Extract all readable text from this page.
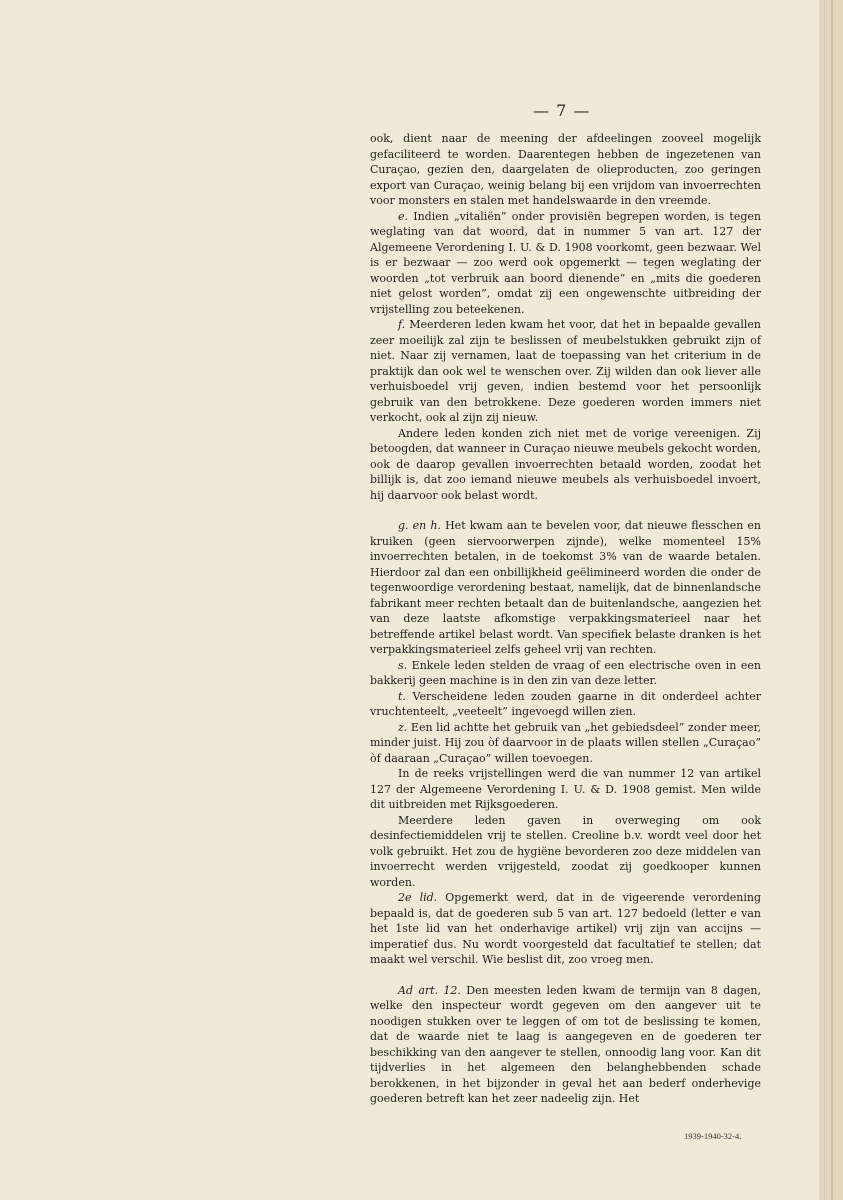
— 7 —

ook, dient naar de meening der afdeelingen zooveel mogelijk gefaciliteerd te worden. Daarentegen hebben de ingezetenen van Curaçao, gezien den, daargelaten de olieproducten, zoo geringen export van Curaçao, weinig belang bij een vrijdom van invoerrechten voor monsters en stalen met handelswaarde in den vreemde.

e. Indien „vitaliën” onder provisiën begrepen worden, is tegen weglating van dat woord, dat in nummer 5 van art. 127 der Algemeene Verordening I. U. & D. 1908 voorkomt, geen bezwaar. Wel is er bezwaar — zoo werd ook opgemerkt — tegen weglating der woorden „tot verbruik aan boord dienende” en „mits die goederen niet gelost worden”, omdat zij een ongewenschte uitbreiding der vrijstelling zou beteekenen.

f. Meerderen leden kwam het voor, dat het in bepaalde gevallen zeer moeilijk zal zijn te beslissen of meubelstukken gebruikt zijn of niet. Naar zij vernamen, laat de toepassing van het criterium in de praktijk dan ook wel te wenschen over. Zij wilden dan ook liever alle verhuisboedel vrij geven, indien bestemd voor het persoonlijk gebruik van den betrokkene. Deze goederen worden immers niet verkocht, ook al zijn zij nieuw.

Andere leden konden zich niet met de vorige vereenigen. Zij betoogden, dat wanneer in Curaçao nieuwe meubels gekocht worden, ook de daarop gevallen invoerrechten betaald worden, zoodat het billijk is, dat zoo iemand nieuwe meubels als verhuisboedel invoert, hij daarvoor ook belast wordt.

g. en h. Het kwam aan te bevelen voor, dat nieuwe flesschen en kruiken (geen siervoorwerpen zijnde), welke momenteel 15% invoerrechten betalen, in de toekomst 3% van de waarde betalen. Hierdoor zal dan een onbillijkheid geëlimineerd worden die onder de tegenwoordige verordening bestaat, namelijk, dat de binnenlandsche fabrikant meer rechten betaalt dan de buitenlandsche, aangezien het van deze laatste afkomstige verpakkingsmaterieel naar het betreffende artikel belast wordt. Van specifiek belaste dranken is het verpakkingsmaterieel zelfs geheel vrij van rechten.

s. Enkele leden stelden de vraag of een electrische oven in een bakkerij geen machine is in den zin van deze letter.

t. Verscheidene leden zouden gaarne in dit onderdeel achter vruchtenteelt, „veeteelt” ingevoegd willen zien.

z. Een lid achtte het gebruik van „het gebiedsdeel” zonder meer, minder juist. Hij zou òf daarvoor in de plaats willen stellen „Curaçao” òf daaraan „Curaçao” willen toevoegen.

In de reeks vrijstellingen werd die van nummer 12 van artikel 127 der Algemeene Verordening I. U. & D. 1908 gemist. Men wilde dit uitbreiden met Rijksgoederen.

Meerdere leden gaven in overweging om ook desinfectiemiddelen vrij te stellen. Creoline b.v. wordt veel door het volk gebruikt. Het zou de hygiëne bevorderen zoo deze middelen van invoerrecht werden vrijgesteld, zoodat zij goedkooper kunnen worden.

2e lid. Opgemerkt werd, dat in de vigeerende verordening bepaald is, dat de goederen sub 5 van art. 127 bedoeld (letter e van het 1ste lid van het onderhavige artikel) vrij zijn van accijns — imperatief dus. Nu wordt voorgesteld dat facultatief te stellen; dat maakt wel verschil. Wie beslist dit, zoo vroeg men.

Ad art. 12. Den meesten leden kwam de termijn van 8 dagen, welke den inspecteur wordt gegeven om den aangever uit te noodigen stukken over te leggen of om tot de beslissing te komen, dat de waarde niet te laag is aangegeven en de goederen ter beschikking van den aangever te stellen, onnoodig lang voor. Kan dit tijdverlies in het algemeen den belanghebbenden schade berokkenen, in het bijzonder in geval het aan bederf onderhevige goederen betreft kan het zeer nadeelig zijn. Het

1939-1940-32-4.
